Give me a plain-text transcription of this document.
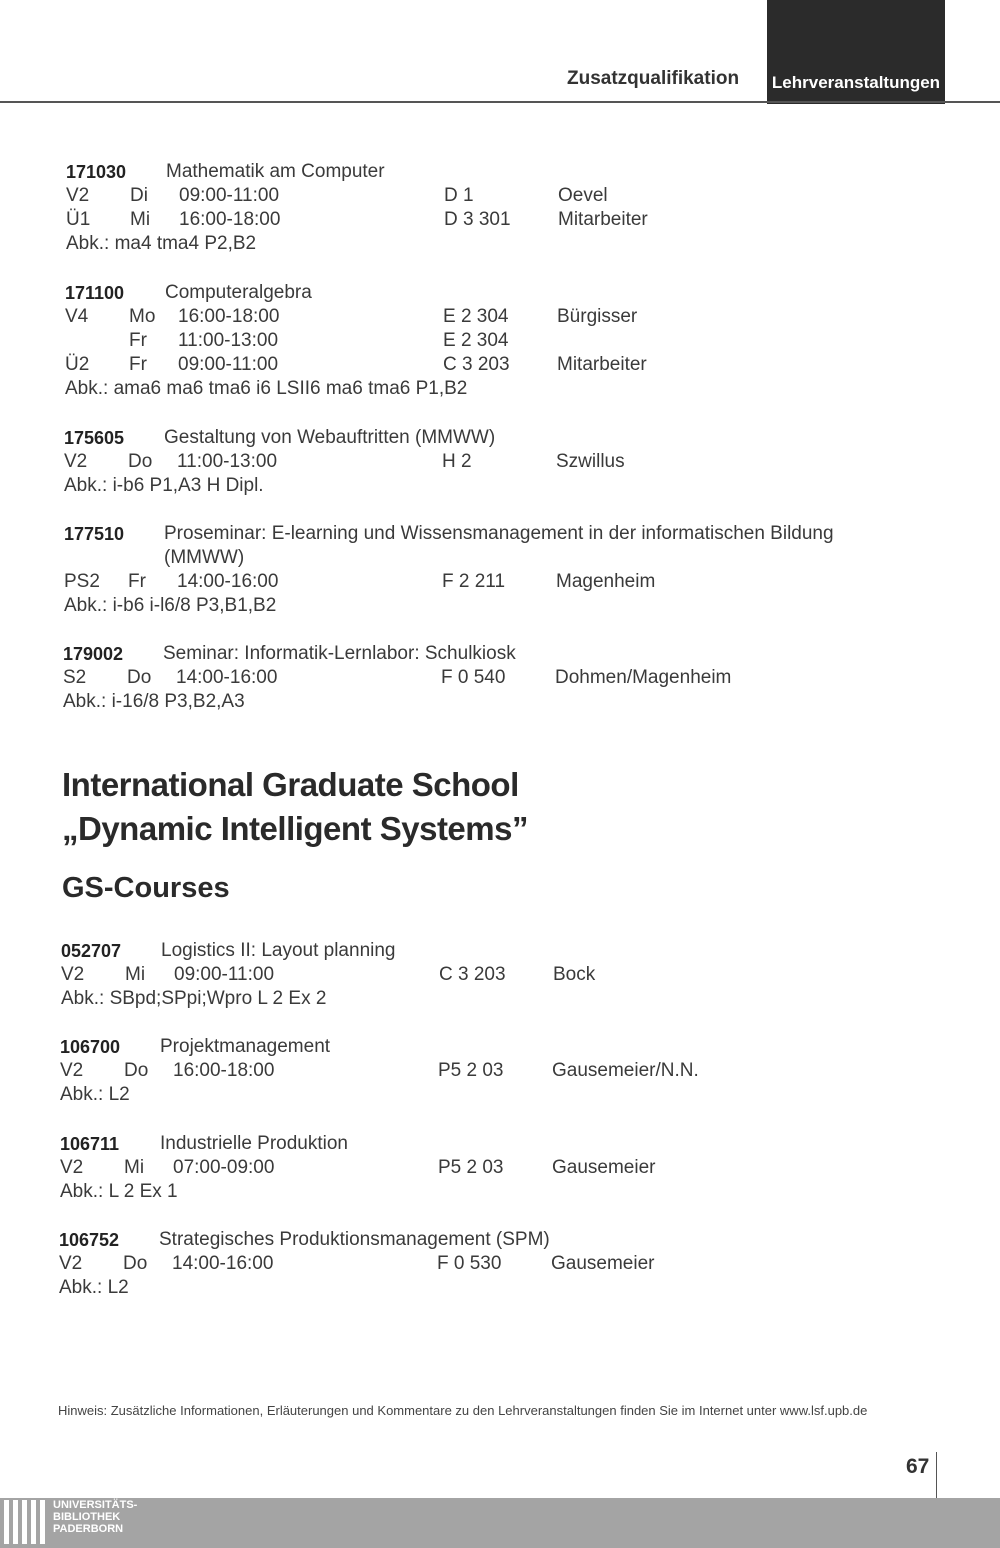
Zusatzqualifikation Lehrveranstaltungen
171030 Mathematik am Computer
V2 Di 09:00-11:00	D 1	Oevel
Ü1 Mi 16:00-18:00	D 3 301 Mitarbeiter
Abk.: ma4 tma4 P2,B2
171100 Computeralgebra
V4 Mo 16:00-18:00	E 2 304	Bürgisser
Fr 11:00-13:00	E 2 304
Ü2 Fr 09:00-11:00	C 3 203 Mitarbeiter
Abk.: ama6 ma6 tma6 i6 LSII6 ma6 tma6 P1,B2
175605 Gestaltung von Webauftritten (MMWW)
V2 Do 11:00-13:00	H 2	Szwillus
Abk.: i-b6 P1,A3 H Dipl.
177510 Proseminar: E-learning und Wissensmanagement in der informatischen Bildung
(MMWW)
PS2 Fr 14:00-16:00	F 2 211	Magenheim
Abk.: i-b6 i-l6/8 P3,B1,B2
179002 Seminar: Informatik-Lernlabor: Schulkiosk
S2 Do 14:00-16:00	F 0 540	Dohmen/Magenheim
Abk.: i-16/8 P3,B2,A3
International Graduate School
„Dynamic Intelligent Systems”
GS-Courses
052707 Logistics II: Layout planning
V2 Mi 09:00-11:00	C 3 203 Bock
Abk.: SBpd;SPpi;Wpro L 2 Ex 2
106700 Projektmanagement
V2 Do 16:00-18:00	P5 2 03	Gausemeier/N.N.
Abk.: L2
106711 Industrielle Produktion
V2 Mi 07:00-09:00	P5 2 03	Gausemeier
Abk.: L 2 Ex 1
106752 Strategisches Produktionsmanagement (SPM)
V2 Do 14:00-16:00	F 0 530	Gausemeier
Abk.: L2
Hinweis: Zusätzliche Informationen, Erläuterungen und Kommentare zu den Lehrveranstaltungen finden Sie im Internet unter www.lsf.upb.de
67
UNIVERSITÄTS-
BIBLIOTHEK
PADERBORN
